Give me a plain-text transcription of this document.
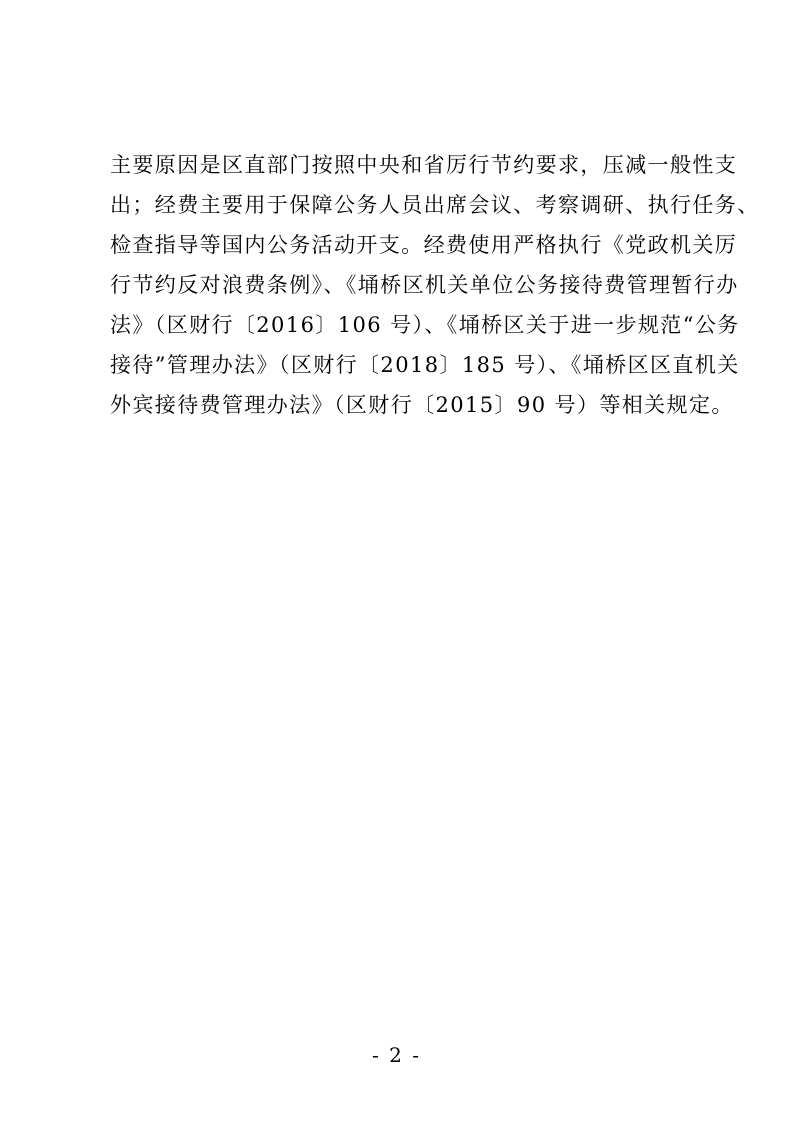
主要原因是区直部门按照中央和省厉行节约要求，压减一般性支
出；经费主要用于保障公务人员出席会议、考察调研、执行任务、
检查指导等国内公务活动开支。经费使用严格执行《党政机关厉
行节约反对浪费条例》、《埇桥区机关单位公务接待费管理暂行办
法》（区财行〔2016〕106 号）、《埇桥区关于进一步规范“公务
接待”管理办法》（区财行〔2018〕185 号）、《埇桥区区直机关
外宾接待费管理办法》（区财行〔2015〕90 号）等相关规定。
- 2 -
